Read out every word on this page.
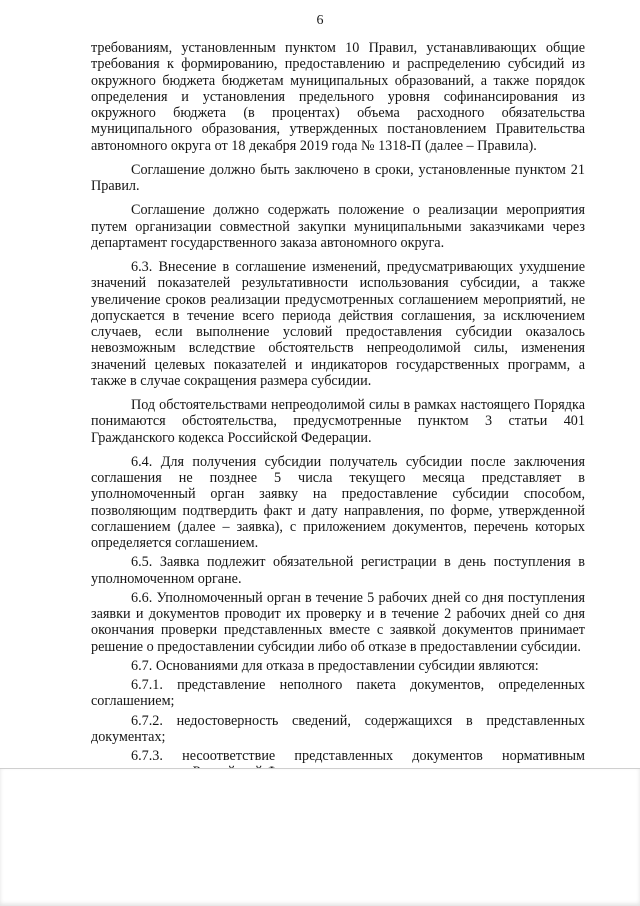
6

требованиям, установленным пунктом 10 Правил, устанавливающих общие требования к формированию, предоставлению и распределению субсидий из окружного бюджета бюджетам муниципальных образований, а также порядок определения и установления предельного уровня софинансирования из окружного бюджета (в процентах) объема расходного обязательства муниципального образования, утвержденных постановлением Правительства автономного округа от 18 декабря 2019 года № 1318-П (далее – Правила).

Соглашение должно быть заключено в сроки, установленные пунктом 21 Правил.

Соглашение должно содержать положение о реализации мероприятия путем организации совместной закупки муниципальными заказчиками через департамент государственного заказа автономного округа.

6.3. Внесение в соглашение изменений, предусматривающих ухудшение значений показателей результативности использования субсидии, а также увеличение сроков реализации предусмотренных соглашением мероприятий, не допускается в течение всего периода действия соглашения, за исключением случаев, если выполнение условий предоставления субсидии оказалось невозможным вследствие обстоятельств непреодолимой силы, изменения значений целевых показателей и индикаторов государственных программ, а также в случае сокращения размера субсидии.

Под обстоятельствами непреодолимой силы в рамках настоящего Порядка понимаются обстоятельства, предусмотренные пунктом 3 статьи 401 Гражданского кодекса Российской Федерации.

6.4. Для получения субсидии получатель субсидии после заключения соглашения не позднее 5 числа текущего месяца представляет в уполномоченный орган заявку на предоставление субсидии способом, позволяющим подтвердить факт и дату направления, по форме, утвержденной соглашением (далее – заявка), с приложением документов, перечень которых определяется соглашением.

6.5. Заявка подлежит обязательной регистрации в день поступления в уполномоченном органе.

6.6. Уполномоченный орган в течение 5 рабочих дней со дня поступления заявки и документов проводит их проверку и в течение 2 рабочих дней со дня окончания проверки представленных вместе с заявкой документов принимает решение о предоставлении субсидии либо об отказе в предоставлении субсидии.

6.7. Основаниями для отказа в предоставлении субсидии являются:

6.7.1. представление неполного пакета документов, определенных соглашением;

6.7.2. недостоверность сведений, содержащихся в представленных документах;

6.7.3. несоответствие представленных документов нормативным
